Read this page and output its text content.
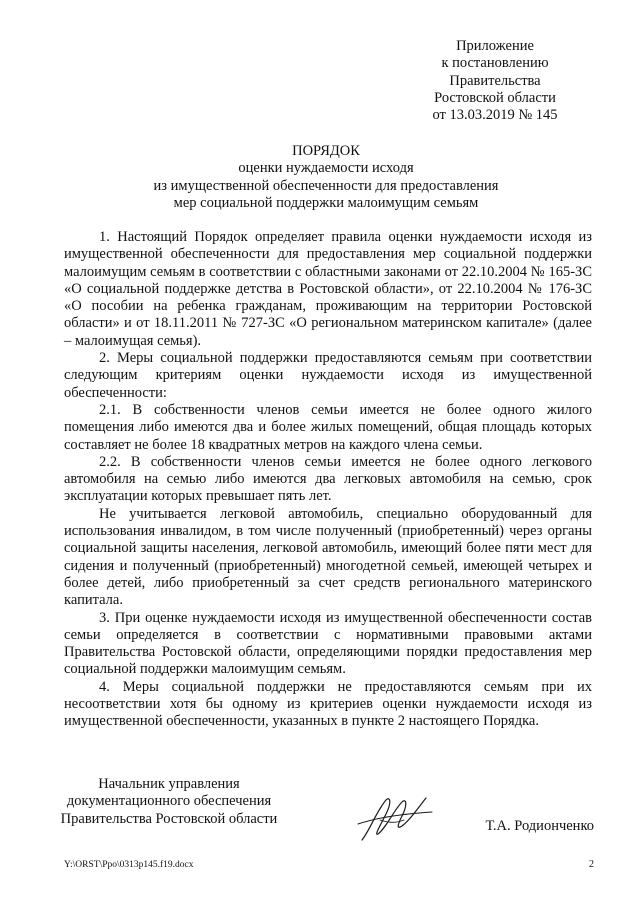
Приложение
к постановлению
Правительства
Ростовской области
от 13.03.2019 № 145
ПОРЯДОК
оценки нуждаемости исходя
из имущественной обеспеченности для предоставления
мер социальной поддержки малоимущим семьям

1. Настоящий Порядок определяет правила оценки нуждаемости исходя из имущественной обеспеченности для предоставления мер социальной поддержки малоимущим семьям в соответствии с областными законами от 22.10.2004 № 165-ЗС «О социальной поддержке детства в Ростовской области», от 22.10.2004 № 176-ЗС «О пособии на ребенка гражданам, проживающим на территории Ростовской области» и от 18.11.2011 № 727-ЗС «О региональном материнском капитале» (далее – малоимущая семья).

2. Меры социальной поддержки предоставляются семьям при соответствии следующим критериям оценки нуждаемости исходя из имущественной обеспеченности:

2.1. В собственности членов семьи имеется не более одного жилого помещения либо имеются два и более жилых помещений, общая площадь которых составляет не более 18 квадратных метров на каждого члена семьи.

2.2. В собственности членов семьи имеется не более одного легкового автомобиля на семью либо имеются два легковых автомобиля на семью, срок эксплуатации которых превышает пять лет.

Не учитывается легковой автомобиль, специально оборудованный для использования инвалидом, в том числе полученный (приобретенный) через органы социальной защиты населения, легковой автомобиль, имеющий более пяти мест для сидения и полученный (приобретенный) многодетной семьей, имеющей четырех и более детей, либо приобретенный за счет средств регионального материнского капитала.

3. При оценке нуждаемости исходя из имущественной обеспеченности состав семьи определяется в соответствии с нормативными правовыми актами Правительства Ростовской области, определяющими порядки предоставления мер социальной поддержки малоимущим семьям.

4. Меры социальной поддержки не предоставляются семьям при их несоответствии хотя бы одному из критериев оценки нуждаемости исходя из имущественной обеспеченности, указанных в пункте 2 настоящего Порядка.

Начальник управления
документационного обеспечения
Правительства Ростовской области	Т.А. Родионченко
Y:\ORST\Ppo\0313p145.f19.docx	2
